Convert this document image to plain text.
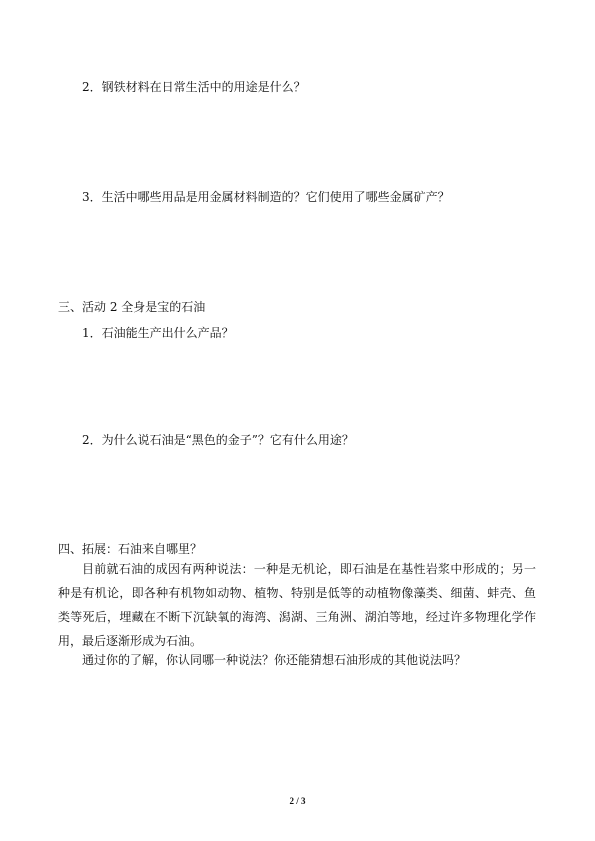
2．钢铁材料在日常生活中的用途是什么？
3．生活中哪些用品是用金属材料制造的？它们使用了哪些金属矿产？
三、活动 2 全身是宝的石油
1．石油能生产出什么产品？
2．为什么说石油是“黑色的金子”？它有什么用途？
四、拓展：石油来自哪里？

目前就石油的成因有两种说法：一种是无机论，即石油是在基性岩浆中形成的；另一种是有机论，即各种有机物如动物、植物、特别是低等的动植物像藻类、细菌、蚌壳、鱼类等死后，埋藏在不断下沉缺氧的海湾、潟湖、三角洲、湖泊等地，经过许多物理化学作用，最后逐渐形成为石油。

通过你的了解，你认同哪一种说法？你还能猜想石油形成的其他说法吗？

2 / 3
